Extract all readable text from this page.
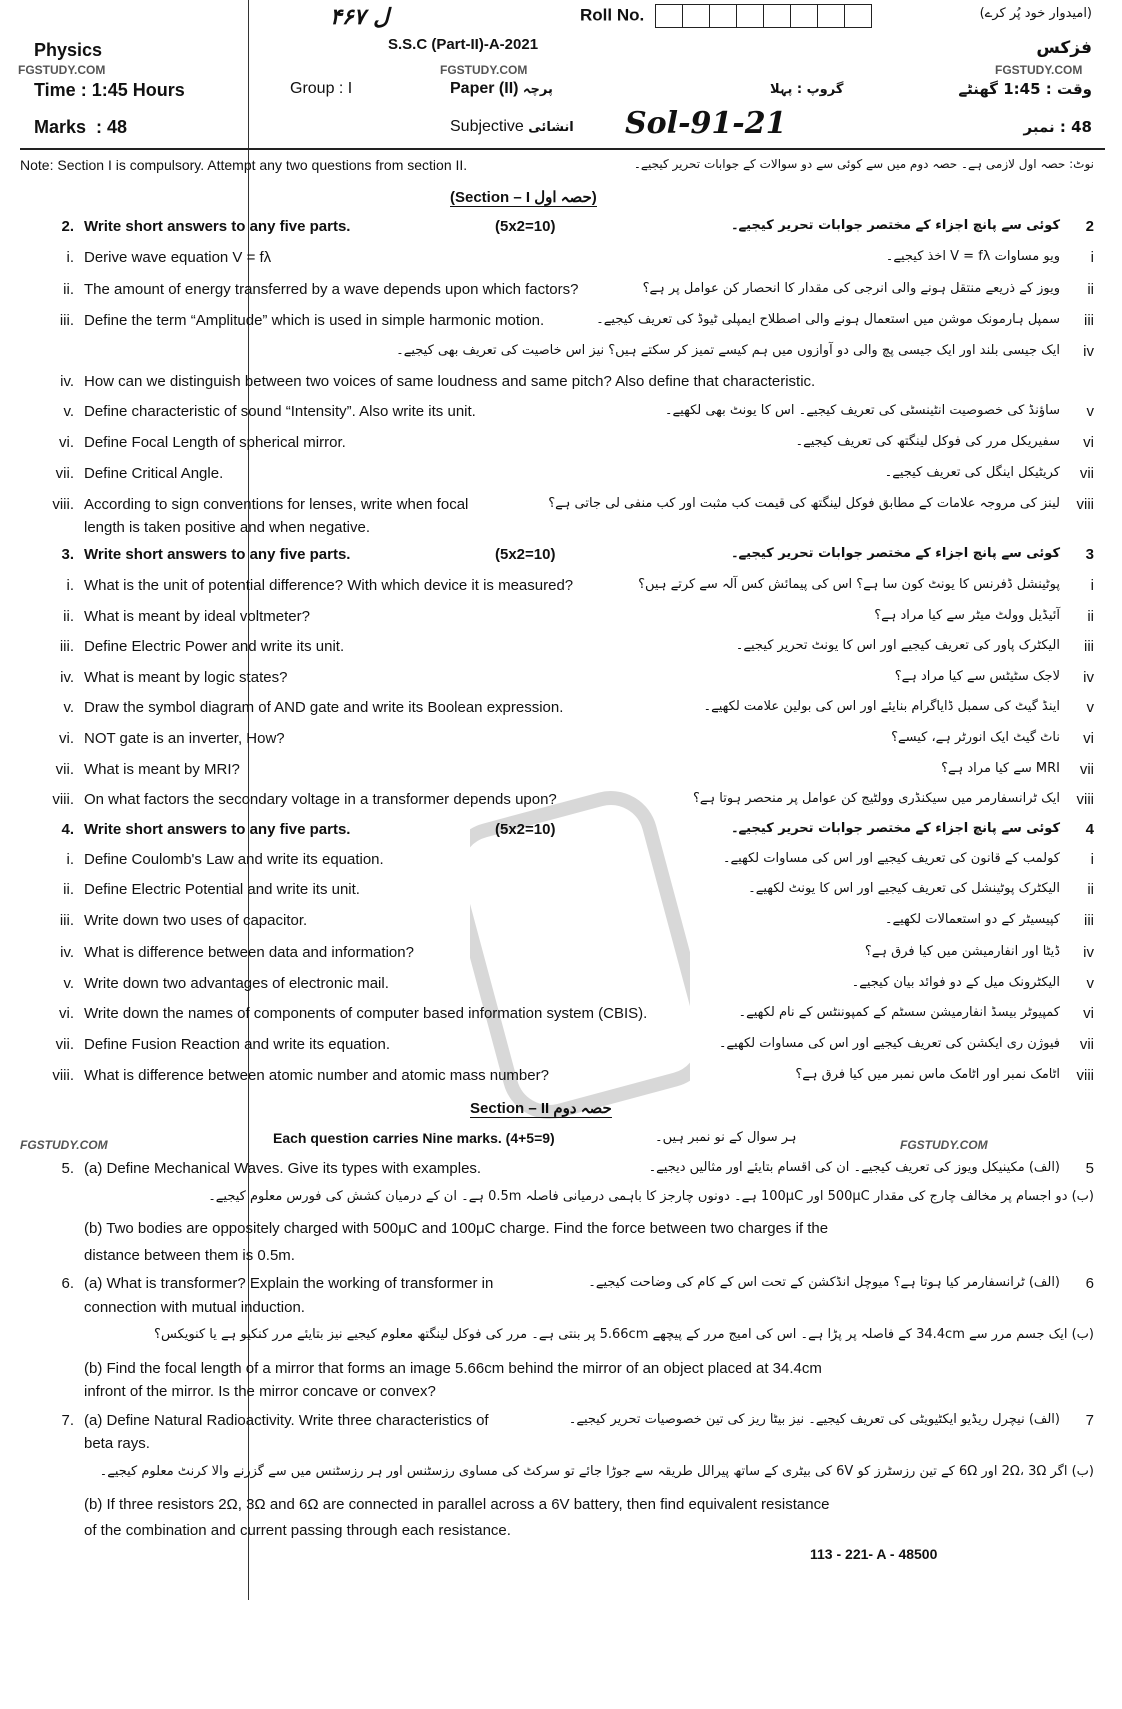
ل ۴۶۷	Roll No.	(امیدوار خود پُر کرے)
Physics	S.S.C (Part-II)-A-2021	فزکس
FGSTUDY.COM	FGSTUDY.COM	FGSTUDY.COM
Time : 1:45 Hours	Group : I	Paper (II) پرچہ	گروپ : پہلا	وقت : 1:45 گھنٹے
Marks : 48	Subjective انشائی Sol-91-21	48 : نمبر
Note: Section I is compulsory. Attempt any two questions from section II.	نوٹ: حصہ اول لازمی ہے۔ حصہ دوم میں سے کوئی سے دو سوالات کے جوابات تحریر کیجیے۔
(Section – I حصہ اول)
2. Write short answers to any five parts.	کوئی سے پانچ اجزاء کے مختصر جوابات تحریر کیجیے۔ 2
(5x2=10)
i. Derive wave equation V = fλ	ویو مساوات V = fλ اخذ کیجیے۔ i
ii. The amount of energy transferred by a wave depends upon which factors?	ویوز کے ذریعے منتقل ہونے والی انرجی کی مقدار کا انحصار کن عوامل پر ہے؟ ii
iii. Define the term “Amplitude” which is used in simple harmonic motion.	سمپل ہارمونک موشن میں استعمال ہونے والی اصطلاح ایمپلی ٹیوڈ کی تعریف کیجیے۔ iii
ایک جیسی بلند اور ایک جیسی پچ والی دو آوازوں میں ہم کیسے تمیز کر سکتے ہیں؟ نیز اس خاصیت کی تعریف بھی کیجیے۔ iv
iv. How can we distinguish between two voices of same loudness and same pitch? Also define that characteristic.
v. Define characteristic of sound “Intensity”. Also write its unit.	ساؤنڈ کی خصوصیت انٹینسٹی کی تعریف کیجیے۔ اس کا یونٹ بھی لکھیے۔ v
vi. Define Focal Length of spherical mirror.	سفیریکل مرر کی فوکل لینگتھ کی تعریف کیجیے۔ vi
vii. Define Critical Angle.	کریٹیکل اینگل کی تعریف کیجیے۔ vii
viii. According to sign conventions for lenses, write when focal	لینز کی مروجہ علامات کے مطابق فوکل لینگتھ کی قیمت کب مثبت اور کب منفی لی جاتی ہے؟ viii
length is taken positive and when negative.
3. Write short answers to any five parts.	کوئی سے پانچ اجزاء کے مختصر جوابات تحریر کیجیے۔ 3
(5x2=10)
i. What is the unit of potential difference? With which device it is measured?	پوٹینشل ڈفرنس کا یونٹ کون سا ہے؟ اس کی پیمائش کس آلہ سے کرتے ہیں؟ i
ii. What is meant by ideal voltmeter?	آئیڈیل وولٹ میٹر سے کیا مراد ہے؟ ii
iii. Define Electric Power and write its unit.	الیکٹرک پاور کی تعریف کیجیے اور اس کا یونٹ تحریر کیجیے۔ iii
iv. What is meant by logic states?	لاجک سٹیٹس سے کیا مراد ہے؟ iv
v. Draw the symbol diagram of AND gate and write its Boolean expression.	اینڈ گیٹ کی سمبل ڈایاگرام بنایئے اور اس کی بولین علامت لکھیے۔ v
vi. NOT gate is an inverter, How?	ناٹ گیٹ ایک انورٹر ہے، کیسے؟ vi
vii. What is meant by MRI?	MRI سے کیا مراد ہے؟ vii
viii. On what factors the secondary voltage in a transformer depends upon?	ایک ٹرانسفارمر میں سیکنڈری وولٹیج کن عوامل پر منحصر ہوتا ہے؟ viii
4. Write short answers to any five parts.	کوئی سے پانچ اجزاء کے مختصر جوابات تحریر کیجیے۔ 4
(5x2=10)
i. Define Coulomb's Law and write its equation.	کولمب کے قانون کی تعریف کیجیے اور اس کی مساوات لکھیے۔ i
ii. Define Electric Potential and write its unit.	الیکٹرک پوٹینشل کی تعریف کیجیے اور اس کا یونٹ لکھیے۔ ii
iii. Write down two uses of capacitor.	کپیسیٹر کے دو استعمالات لکھیے۔ iii
iv. What is difference between data and information?	ڈیٹا اور انفارمیشن میں کیا فرق ہے؟ iv
v. Write down two advantages of electronic mail.	الیکٹرونک میل کے دو فوائد بیان کیجیے۔ v
vi. Write down the names of components of computer based information system (CBIS).	کمپیوٹر بیسڈ انفارمیشن سسٹم کے کمپوننٹس کے نام لکھیے۔ vi
vii. Define Fusion Reaction and write its equation.	فیوژن ری ایکشن کی تعریف کیجیے اور اس کی مساوات لکھیے۔ vii
viii. What is difference between atomic number and atomic mass number?	اٹامک نمبر اور اٹامک ماس نمبر میں کیا فرق ہے؟ viii
5. (a) Define Mechanical Waves. Give its types with examples.	(الف) مکینیکل ویوز کی تعریف کیجیے۔ ان کی اقسام بتایئے اور مثالیں دیجیے۔ 5
(ب) دو اجسام پر مخالف چارج کی مقدار 500μC اور 100μC ہے۔ دونوں چارجز کا باہمی درمیانی فاصلہ 0.5m ہے۔ ان کے درمیان کشش کی فورس معلوم کیجیے۔
(b) Two bodies are oppositely charged with 500μC and 100μC charge. Find the force between two charges if the
distance between them is 0.5m.
6. (a) What is transformer? Explain the working of transformer in	(الف) ٹرانسفارمر کیا ہوتا ہے؟ میوچل انڈکشن کے تحت اس کے کام کی وضاحت کیجیے۔ 6
connection with mutual induction.
(ب) ایک جسم مرر سے 34.4cm کے فاصلہ پر پڑا ہے۔ اس کی امیج مرر کے پیچھے 5.66cm پر بنتی ہے۔ مرر کی فوکل لینگتھ معلوم کیجیے نیز بتایئے مرر کنکیو ہے یا کنویکس؟
(b) Find the focal length of a mirror that forms an image 5.66cm behind the mirror of an object placed at 34.4cm
infront of the mirror. Is the mirror concave or convex?
7. (a) Define Natural Radioactivity. Write three characteristics of	(الف) نیچرل ریڈیو ایکٹیویٹی کی تعریف کیجیے۔ نیز بیٹا ریز کی تین خصوصیات تحریر کیجیے۔ 7
beta rays.
(ب) اگر 2Ω، 3Ω اور 6Ω کے تین رزسٹرز کو 6V کی بیٹری کے ساتھ پیرالل طریقہ سے جوڑا جائے تو سرکٹ کی مساوی رزسٹنس اور ہر رزسٹنس میں سے گزرنے والا کرنٹ معلوم کیجیے۔
(b) If three resistors 2Ω, 3Ω and 6Ω are connected in parallel across a 6V battery, then find equivalent resistance
of the combination and current passing through each resistance.
Section – II حصہ دوم
FGSTUDY.COM	Each question carries Nine marks. (4+5=9)	ہر سوال کے نو نمبر ہیں۔	FGSTUDY.COM
113 - 221- A - 48500
